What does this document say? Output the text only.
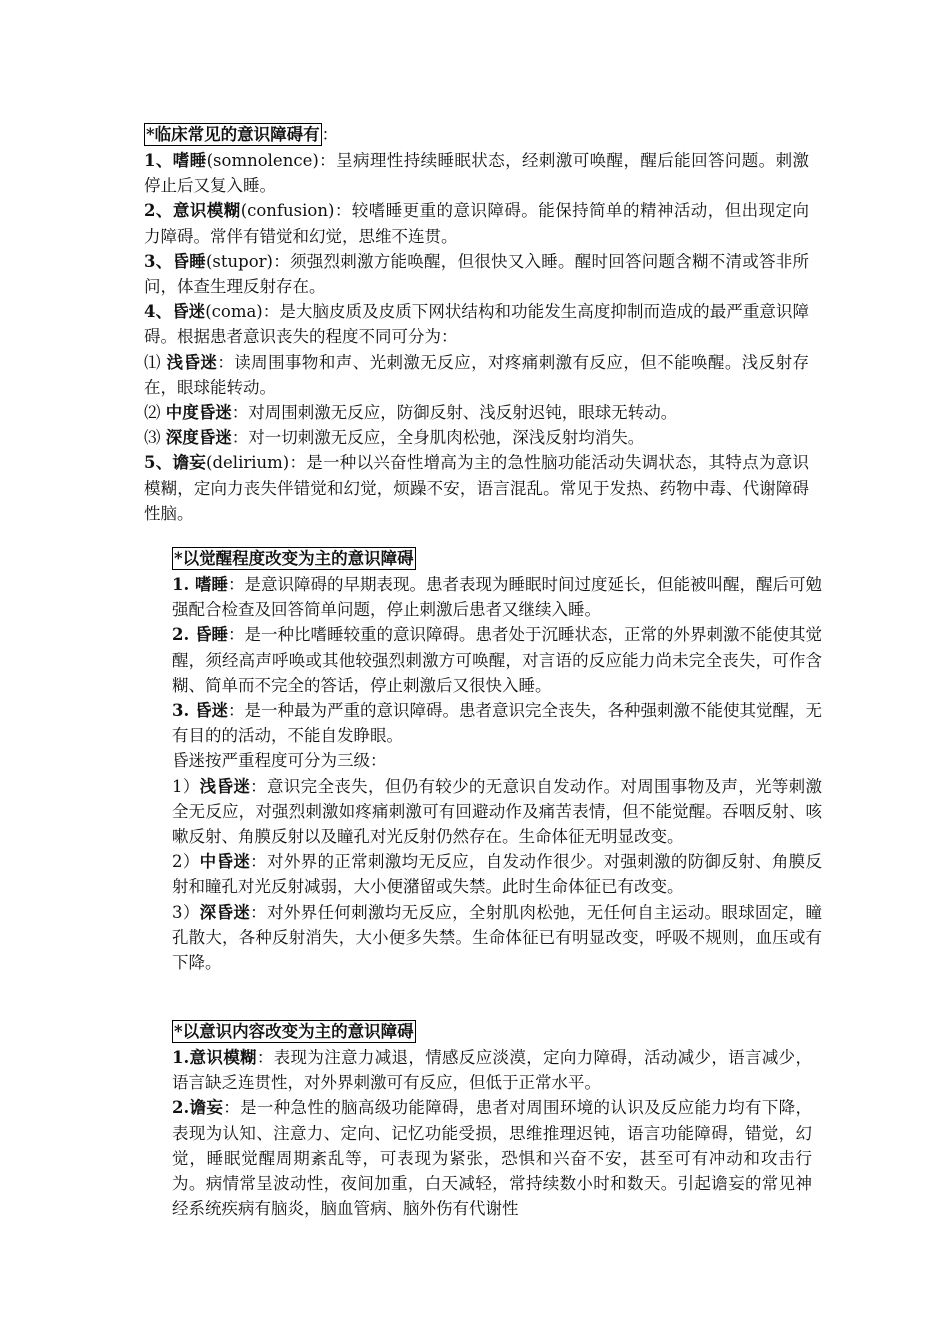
*临床常见的意识障碍有 ：

1、嗜睡(somnolence)：呈病理性持续睡眠状态，经刺激可唤醒，醒后能回答问题。刺激停止后又复入睡。

2、意识模糊(confusion)：较嗜睡更重的意识障碍。能保持简单的精神活动，但出现定向力障碍。常伴有错觉和幻觉，思维不连贯。

3、昏睡(stupor)：须强烈刺激方能唤醒，但很快又入睡。醒时回答问题含糊不清或答非所问，体查生理反射存在。

4、昏迷(coma)：是大脑皮质及皮质下网状结构和功能发生高度抑制而造成的最严重意识障碍。根据患者意识丧失的程度不同可分为：

⑴ 浅昏迷：读周围事物和声、光刺激无反应，对疼痛刺激有反应，但不能唤醒。浅反射存在，眼球能转动。

⑵ 中度昏迷：对周围刺激无反应，防御反射、浅反射迟钝，眼球无转动。

⑶ 深度昏迷：对一切刺激无反应，全身肌肉松弛，深浅反射均消失。

5、谵妄(delirium)：是一种以兴奋性增高为主的急性脑功能活动失调状态，其特点为意识模糊，定向力丧失伴错觉和幻觉，烦躁不安，语言混乱。常见于发热、药物中毒、代谢障碍性脑。

*以觉醒程度改变为主的意识障碍

1. 嗜睡：是意识障碍的早期表现。患者表现为睡眠时间过度延长，但能被叫醒，醒后可勉强配合检查及回答简单问题，停止刺激后患者又继续入睡。

2. 昏睡：是一种比嗜睡较重的意识障碍。患者处于沉睡状态，正常的外界刺激不能使其觉醒，须经高声呼唤或其他较强烈刺激方可唤醒，对言语的反应能力尚未完全丧失，可作含糊、简单而不完全的答话，停止刺激后又很快入睡。

3. 昏迷：是一种最为严重的意识障碍。患者意识完全丧失，各种强刺激不能使其觉醒，无有目的的活动，不能自发睁眼。

昏迷按严重程度可分为三级：

1）浅昏迷：意识完全丧失，但仍有较少的无意识自发动作。对周围事物及声，光等刺激全无反应，对强烈刺激如疼痛刺激可有回避动作及痛苦表情，但不能觉醒。吞咽反射、咳嗽反射、角膜反射以及瞳孔对光反射仍然存在。生命体征无明显改变。

2）中昏迷：对外界的正常刺激均无反应，自发动作很少。对强刺激的防御反射、角膜反射和瞳孔对光反射减弱，大小便潴留或失禁。此时生命体征已有改变。

3）深昏迷：对外界任何刺激均无反应，全射肌肉松弛，无任何自主运动。眼球固定，瞳孔散大，各种反射消失，大小便多失禁。生命体征已有明显改变，呼吸不规则，血压或有下降。

*以意识内容改变为主的意识障碍

1.意识模糊：表现为注意力减退，情感反应淡漠，定向力障碍，活动减少，语言减少，语言缺乏连贯性，对外界刺激可有反应，但低于正常水平。

2.谵妄：是一种急性的脑高级功能障碍，患者对周围环境的认识及反应能力均有下降，表现为认知、注意力、定向、记忆功能受损，思维推理迟钝，语言功能障碍，错觉，幻觉，睡眠觉醒周期紊乱等，可表现为紧张，恐惧和兴奋不安，甚至可有冲动和攻击行为。病情常呈波动性，夜间加重，白天减轻，常持续数小时和数天。引起谵妄的常见神经系统疾病有脑炎，脑血管病、脑外伤有代谢性
